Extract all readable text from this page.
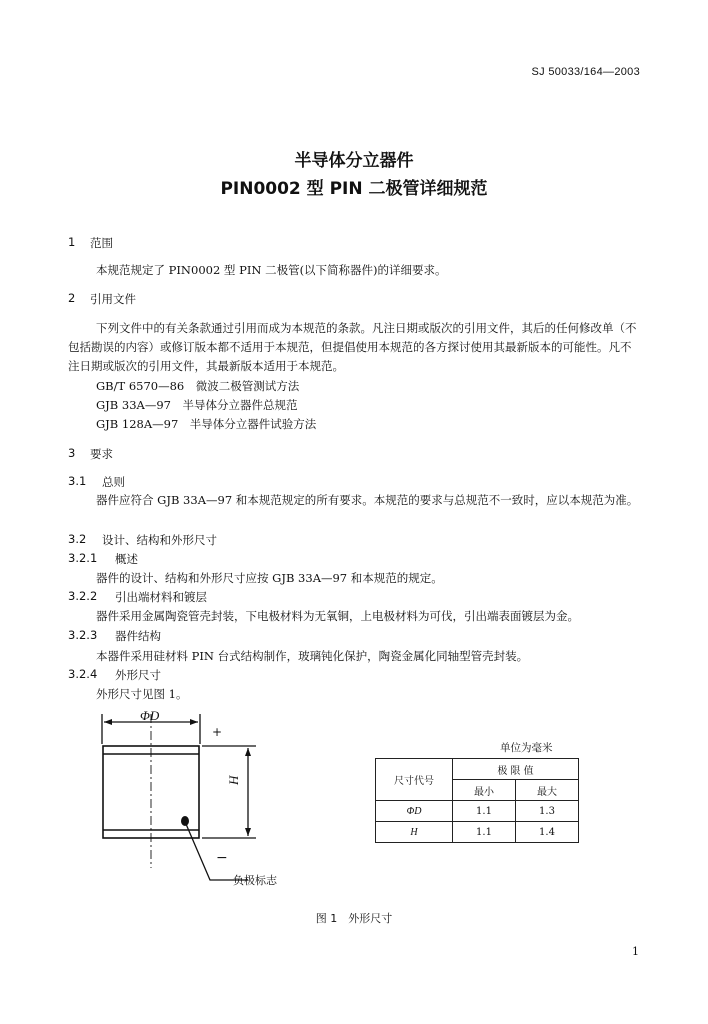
SJ 50033/164—2003
半导体分立器件
PIN0002 型 PIN 二极管详细规范
1 范围
本规范规定了 PIN0002 型 PIN 二极管(以下简称器件)的详细要求。
2 引用文件
下列文件中的有关条款通过引用而成为本规范的条款。凡注日期或版次的引用文件，其后的任何修改单（不包括勘误的内容）或修订版本都不适用于本规范，但提倡使用本规范的各方探讨使用其最新版本的可能性。凡不注日期或版次的引用文件，其最新版本适用于本规范。
GB/T 6570—86　微波二极管测试方法
GJB 33A—97　半导体分立器件总规范
GJB 128A—97　半导体分立器件试验方法
3 要求
3.1 总则
器件应符合 GJB 33A—97 和本规范规定的所有要求。本规范的要求与总规范不一致时，应以本规范为准。
3.2 设计、结构和外形尺寸
3.2.1 概述
器件的设计、结构和外形尺寸应按 GJB 33A—97 和本规范的规定。
3.2.2 引出端材料和镀层
器件采用金属陶瓷管壳封装，下电极材料为无氧铜，上电极材料为可伐，引出端表面镀层为金。
3.2.3 器件结构
本器件采用硅材料 PIN 台式结构制作，玻璃钝化保护，陶瓷金属化同轴型管壳封装。
3.2.4 外形尺寸
外形尺寸见图 1。
ΦD
H
+
−
负极标志
单位为毫米
尺寸代号	极 限 值	
	最小	最大
ΦD	1.1	1.3
H	1.1	1.4
图 1　外形尺寸
1
